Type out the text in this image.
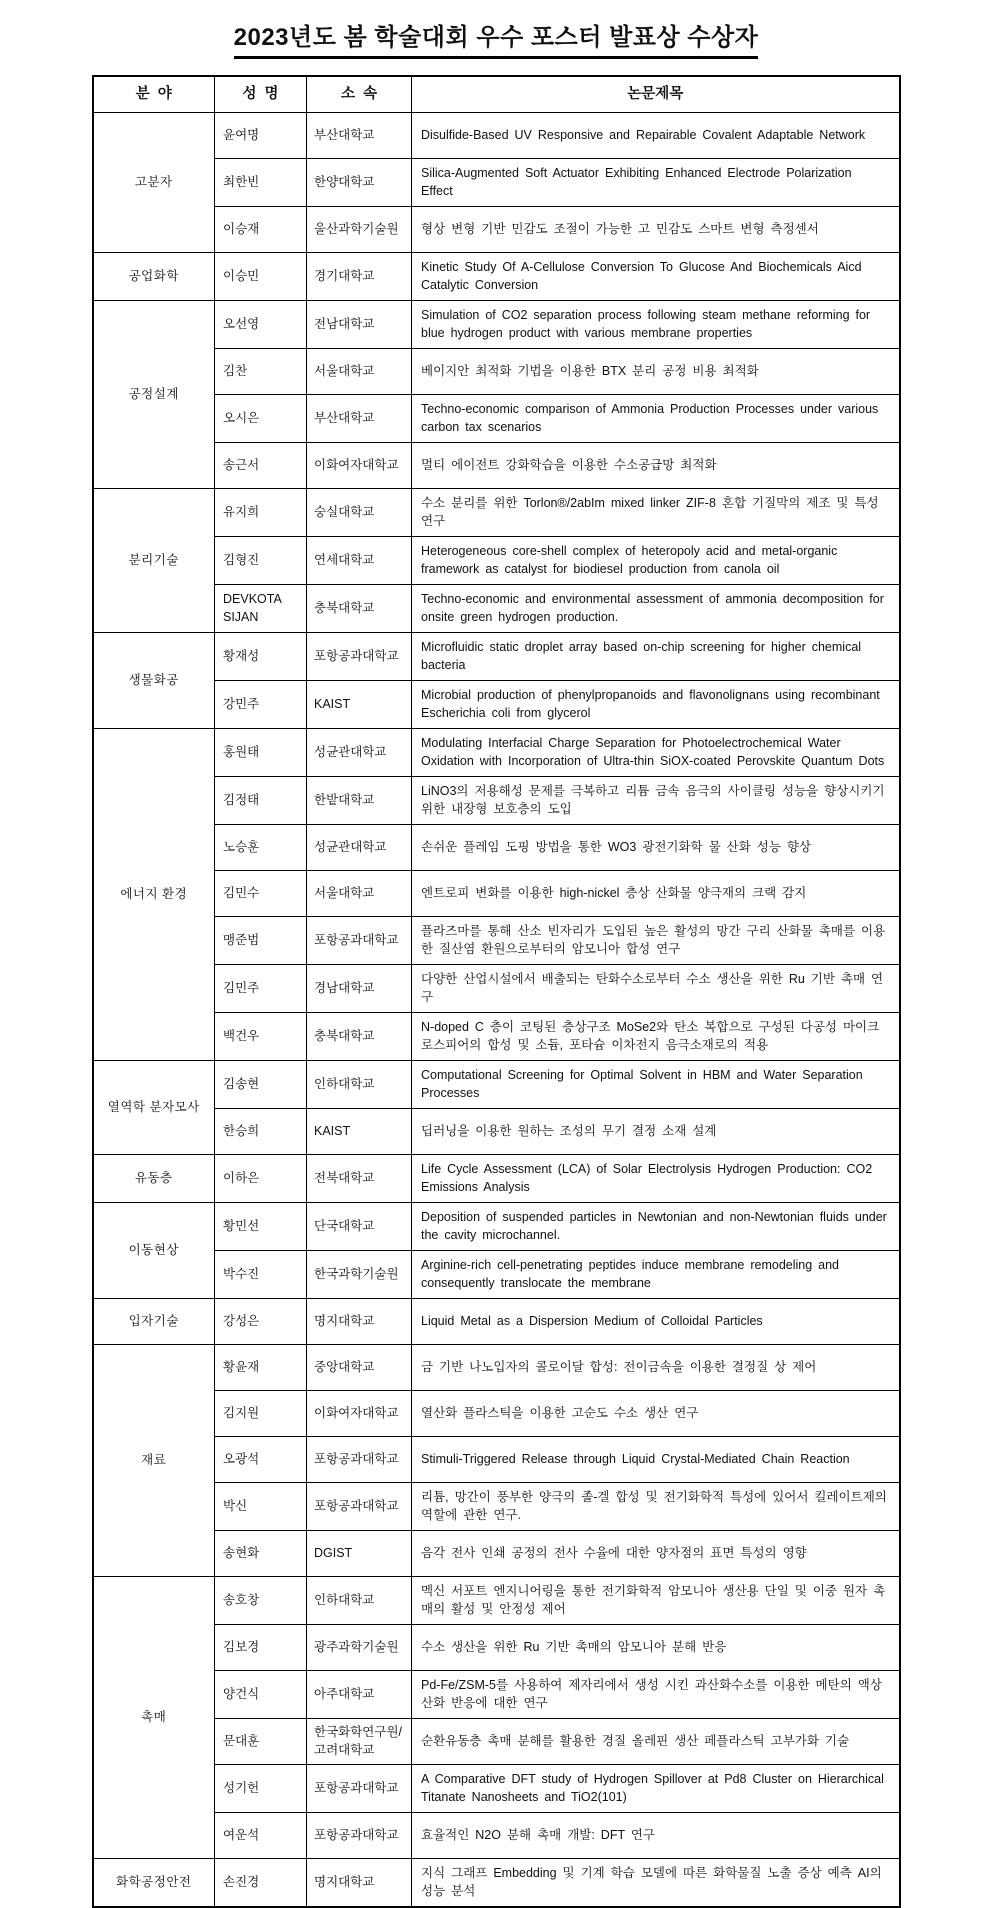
2023년도 봄 학술대회 우수 포스터 발표상 수상자
분  야	성  명	소  속	논문제목
고분자	윤여명	부산대학교	Disulfide-Based UV Responsive and Repairable Covalent Adaptable Network
	최한빈	한양대학교	Silica-Augmented Soft Actuator Exhibiting Enhanced Electrode Polarization Effect
	이승재	울산과학기술원	형상 변형 기반 민감도 조절이 가능한 고 민감도 스마트 변형 측정센서
공업화학	이승민	경기대학교	Kinetic Study Of A-Cellulose Conversion To Glucose And Biochemicals Aicd Catalytic Conversion
공정설계	오선영	전남대학교	Simulation of CO2 separation process following steam methane reforming for blue hydrogen product with various membrane properties
	김찬	서울대학교	베이지안 최적화 기법을 이용한 BTX 분리 공정 비용 최적화
	오시은	부산대학교	Techno-economic comparison of Ammonia Production Processes under various carbon tax scenarios
	송근서	이화여자대학교	멀티 에이전트 강화학습을 이용한 수소공급망 최적화
분리기술	유지희	숭실대학교	수소 분리를 위한 Torlon®/2abIm mixed linker ZIF-8 혼합 기질막의 제조 및 특성 연구
	김형진	연세대학교	Heterogeneous core-shell complex of heteropoly acid and metal-organic framework as catalyst for biodiesel production from canola oil
	DEVKOTA SIJAN	충북대학교	Techno-economic and environmental assessment of ammonia decomposition for onsite green hydrogen production.
생물화공	황재성	포항공과대학교	Microfluidic static droplet array based on-chip screening for higher chemical bacteria
	강민주	KAIST	Microbial production of phenylpropanoids and flavonolignans using recombinant Escherichia coli from glycerol
에너지 환경	홍원태	성균관대학교	Modulating Interfacial Charge Separation for Photoelectrochemical Water Oxidation with Incorporation of Ultra-thin SiOX-coated Perovskite Quantum Dots
	김정태	한밭대학교	LiNO3의 저용해성 문제를 극복하고 리튬 금속 음극의 사이클링 성능을 향상시키기 위한 내장형 보호층의 도입
	노승훈	성균관대학교	손쉬운 플레임 도핑 방법을 통한 WO3 광전기화학 물 산화 성능 향상
	김민수	서울대학교	엔트로피 변화를 이용한 high-nickel 층상 산화물 양극재의 크랙 감지
	맹준범	포항공과대학교	플라즈마를 통해 산소 빈자리가 도입된 높은 활성의 망간 구리 산화물 촉매를 이용한 질산염 환원으로부터의 암모니아 합성 연구
	김민주	경남대학교	다양한 산업시설에서 배출되는 탄화수소로부터 수소 생산을 위한 Ru 기반 촉매 연구
	백건우	충북대학교	N-doped C 층이 코팅된 층상구조 MoSe2와 탄소 복합으로 구성된 다공성 마이크로스피어의 합성 및 소듐, 포타슘 이차전지 음극소재로의 적용
열역학 분자모사	김송현	인하대학교	Computational Screening for Optimal Solvent in HBM and Water Separation Processes
	한승희	KAIST	딥러닝을 이용한 원하는 조성의 무기 결정 소재 설계
유동층	이하은	전북대학교	Life Cycle Assessment (LCA) of Solar Electrolysis Hydrogen Production: CO2 Emissions Analysis
이동현상	황민선	단국대학교	Deposition of suspended particles in Newtonian and non-Newtonian fluids under the cavity microchannel.
	박수진	한국과학기술원	Arginine-rich cell-penetrating peptides induce membrane remodeling and consequently translocate the membrane
입자기술	강성은	명지대학교	Liquid Metal as a Dispersion Medium of Colloidal Particles
재료	황윤재	중앙대학교	금 기반 나노입자의 콜로이달 합성: 전이금속을 이용한 결정질 상 제어
	김지원	이화여자대학교	열산화 플라스틱을 이용한 고순도 수소 생산 연구
	오광석	포항공과대학교	Stimuli-Triggered Release through Liquid Crystal-Mediated Chain Reaction
	박신	포항공과대학교	리튬, 망간이 풍부한 양극의 졸-겔 합성 및 전기화학적 특성에 있어서 킬레이트제의 역할에 관한 연구.
	송현화	DGIST	음각 전사 인쇄 공정의 전사 수율에 대한 양자점의 표면 특성의 영향
촉매	송호창	인하대학교	멕신 서포트 엔지니어링을 통한 전기화학적 암모니아 생산용 단일 및 이중 원자 촉매의 활성 및 안정성 제어
	김보경	광주과학기술원	수소 생산을 위한 Ru 기반 촉매의 암모니아 분해 반응
	양건식	아주대학교	Pd-Fe/ZSM-5를 사용하여 제자리에서 생성 시킨 과산화수소를 이용한 메탄의 액상산화 반응에 대한 연구
	문대훈	한국화학연구원/고려대학교	순환유동층 촉매 분해를 활용한 경질 올레핀 생산 페플라스틱 고부가화 기술
	성기헌	포항공과대학교	A Comparative DFT study of Hydrogen Spillover at Pd8 Cluster on Hierarchical Titanate Nanosheets and TiO2(101)
	여운석	포항공과대학교	효율적인 N2O 분해 촉매 개발: DFT 연구
화학공정안전	손진경	명지대학교	지식 그래프 Embedding 및 기계 학습 모델에 따른 화학물질 노출 증상 예측 AI의 성능 분석
